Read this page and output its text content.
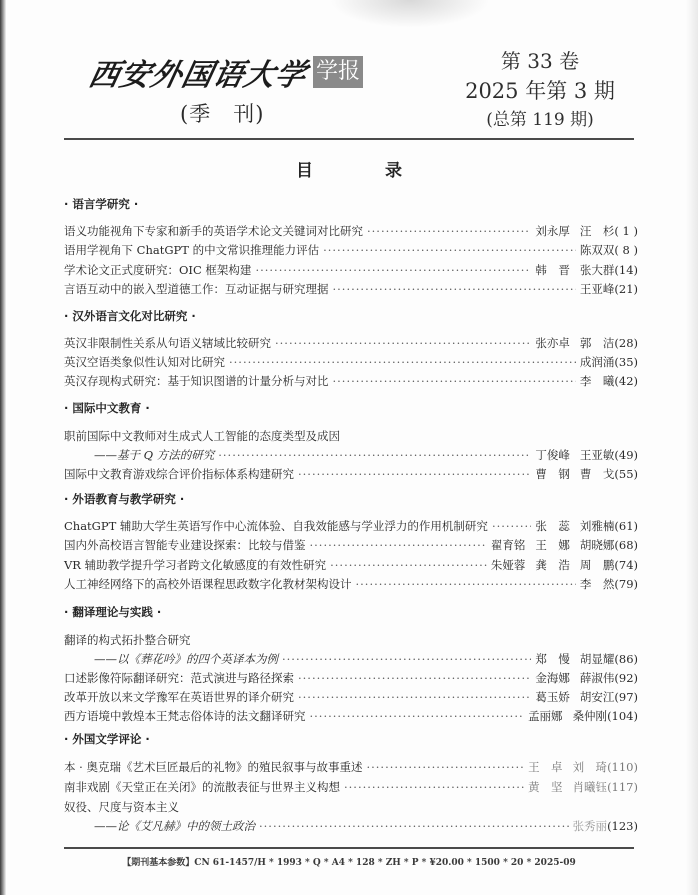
西安外国语大学 学报
(季　刊)
第 33 卷
2025 年第 3 期
(总第 119 期)
目	录
· 语言学研究 ·
语义功能视角下专家和新手的英语学术论文关键词对比研究 ·····	刘永厚 汪　杉 ( 1 )
语用学视角下 ChatGPT 的中文常识推理能力评估 ·····	陈双双 ( 8 )
学术论文正式度研究：OIC 框架构建 ·····	韩　晋 张大群 (14)
言语互动中的嵌入型道德工作：互动证据与研究理据 ·····	王亚峰 (21)
· 汉外语言文化对比研究 ·
英汉非限制性关系从句语义辖域比较研究 ·····	张亦卓 郭　洁 (28)
英汉空语类象似性认知对比研究 ·····	成润涌 (35)
英汉存现构式研究：基于知识图谱的计量分析与对比 ·····	李　曦 (42)
· 国际中文教育 ·
职前国际中文教师对生成式人工智能的态度类型及成因
——基于 Q 方法的研究 ·····	丁俊峰 王亚敏 (49)
国际中文教育游戏综合评价指标体系构建研究 ·····	曹　钢 曹　戈 (55)
· 外语教育与教学研究 ·
ChatGPT 辅助大学生英语写作中心流体验、自我效能感与学业浮力的作用机制研究 ·····	张　蕊 刘雅楠 (61)
国内外高校语言智能专业建设探索：比较与借鉴 ·····	翟育铭 王　娜 胡晓娜 (68)
VR 辅助教学提升学习者跨文化敏感度的有效性研究 ·····	朱娅蓉 龚　浩 周　鹏 (74)
人工神经网络下的高校外语课程思政数字化教材架构设计 ·····	李　然 (79)
· 翻译理论与实践 ·
翻译的构式拓扑整合研究
——以《葬花吟》的四个英译本为例 ·····	郑　慢 胡显耀 (86)
口述影像符际翻译研究：范式演进与路径探索 ·····	金海娜 薛淑伟 (92)
改革开放以来文学豫军在英语世界的译介研究 ·····	葛玉娇 胡安江 (97)
西方语境中敦煌本王梵志俗体诗的法文翻译研究 ·····	孟丽娜 桑仲刚 (104)
· 外国文学评论 ·
本 · 奥克瑞《艺术巨匠最后的礼物》的殖民叙事与故事重述 ·····	王　卓 刘　琦 (110)
南非戏剧《天堂正在关闭》的流散表征与世界主义构想 ·····	黄　坚 肖曦钰 (117)
奴役、尺度与资本主义
——论《艾凡赫》中的领土政治 ·····	张秀丽 (123)
【期刊基本参数】CN 61-1457/H * 1993 * Q * A4 * 128 * ZH * P * ¥20.00 * 1500 * 20 * 2025-09
